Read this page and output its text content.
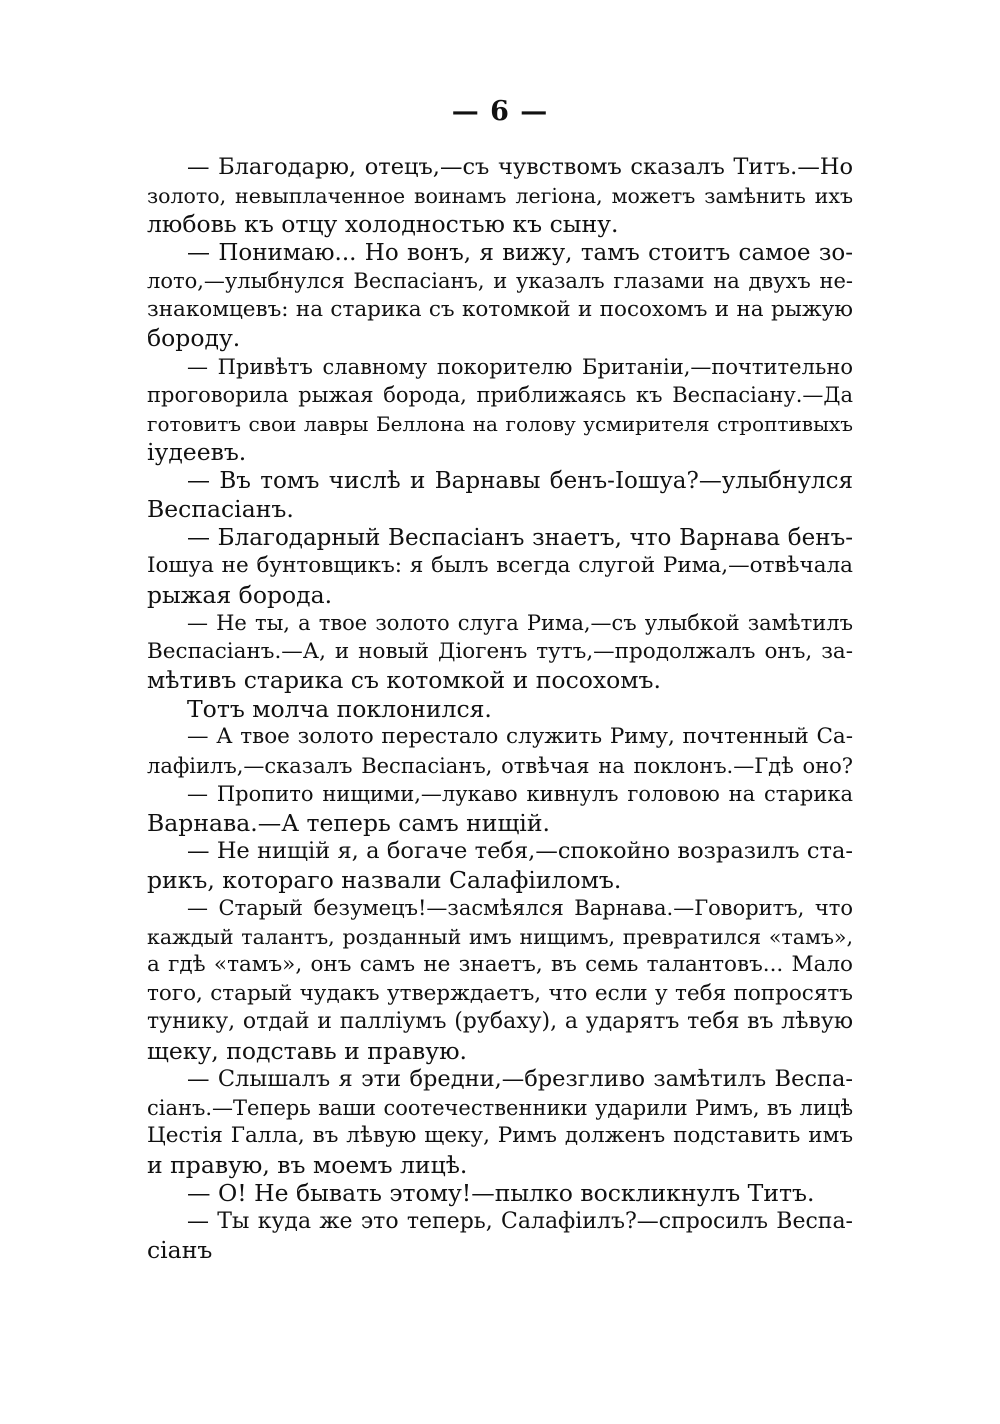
— 6 —
— Благодарю, отецъ,—съ чувствомъ сказалъ Титъ.—Но
золото, невыплаченное воинамъ легіона, можетъ замѣнить ихъ
любовь къ отцу холодностью къ сыну.
— Понимаю... Но вонъ, я вижу, тамъ стоитъ самое зо-
лото,—улыбнулся Веспасіанъ, и указалъ глазами на двухъ не-
знакомцевъ: на старика съ котомкой и посохомъ и на рыжую
бороду.
— Привѣтъ славному покорителю Британіи,—почтительно
проговорила рыжая борода, приближаясь къ Веспасіану.—Да
готовитъ свои лавры Беллона на голову усмирителя строптивыхъ
іудеевъ.
— Въ томъ числѣ и Варнавы бенъ-Іошуа?—улыбнулся
Веспасіанъ.
— Благодарный Веспасіанъ знаетъ, что Варнава бенъ-
Іошуа не бунтовщикъ: я былъ всегда слугой Рима,—отвѣчала
рыжая борода.
— Не ты, а твое золото слуга Рима,—съ улыбкой замѣтилъ
Веспасіанъ.—А, и новый Діогенъ тутъ,—продолжалъ онъ, за-
мѣтивъ старика съ котомкой и посохомъ.
Тотъ молча поклонился.
— А твое золото перестало служить Риму, почтенный Са-
лафіилъ,—сказалъ Веспасіанъ, отвѣчая на поклонъ.—Гдѣ оно?
— Пропито нищими,—лукаво кивнулъ головою на старика
Варнава.—А теперь самъ нищій.
— Не нищій я, а богаче тебя,—спокойно возразилъ ста-
рикъ, котораго назвали Салафіиломъ.
— Старый безумецъ!—засмѣялся Варнава.—Говоритъ, что
каждый талантъ, розданный имъ нищимъ, превратился «тамъ»,
а гдѣ «тамъ», онъ самъ не знаетъ, въ семь талантовъ... Мало
того, старый чудакъ утверждаетъ, что если у тебя попросятъ
тунику, отдай и палліумъ (рубаху), а ударятъ тебя въ лѣвую
щеку, подставь и правую.
— Слышалъ я эти бредни,—брезгливо замѣтилъ Веспа-
сіанъ.—Теперь ваши соотечественники ударили Римъ, въ лицѣ
Цестія Галла, въ лѣвую щеку, Римъ долженъ подставить имъ
и правую, въ моемъ лицѣ.
— О! Не бывать этому!—пылко воскликнулъ Титъ.
— Ты куда же это теперь, Салафіилъ?—спросилъ Веспа-
сіанъ
